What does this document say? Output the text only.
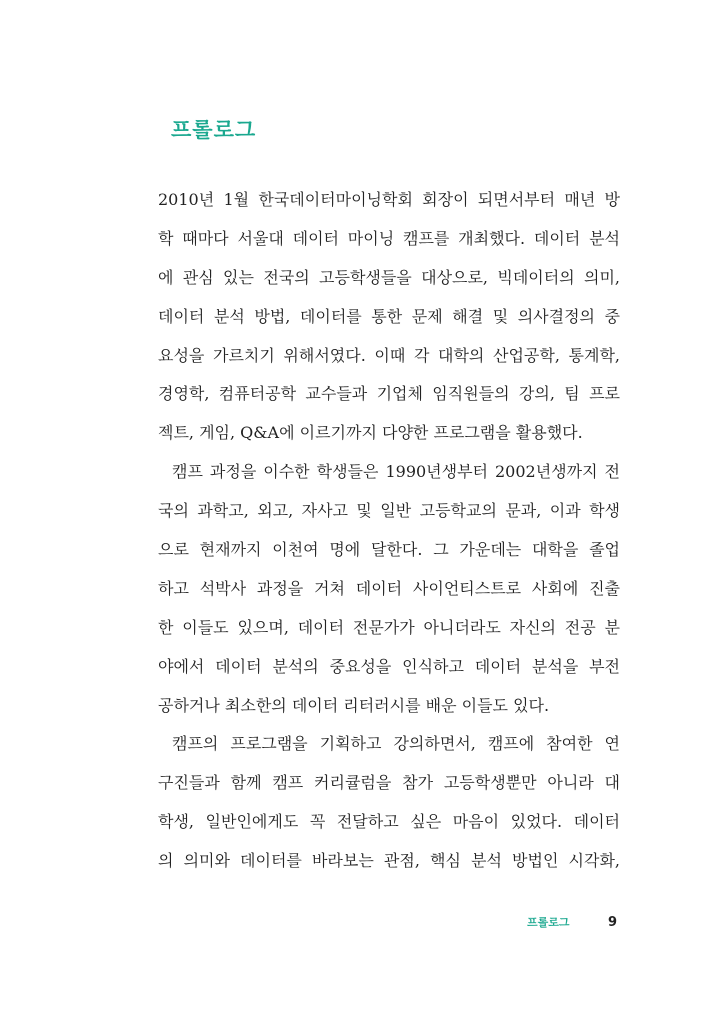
프롤로그
2010년 1월 한국데이터마이닝학회 회장이 되면서부터 매년 방
학 때마다 서울대 데이터 마이닝 캠프를 개최했다. 데이터 분석
에 관심 있는 전국의 고등학생들을 대상으로, 빅데이터의 의미,
데이터 분석 방법, 데이터를 통한 문제 해결 및 의사결정의 중
요성을 가르치기 위해서였다. 이때 각 대학의 산업공학, 통계학,
경영학, 컴퓨터공학 교수들과 기업체 임직원들의 강의, 팀 프로
젝트, 게임, Q&A에 이르기까지 다양한 프로그램을 활용했다.
캠프 과정을 이수한 학생들은 1990년생부터 2002년생까지 전
국의 과학고, 외고, 자사고 및 일반 고등학교의 문과, 이과 학생
으로 현재까지 이천여 명에 달한다. 그 가운데는 대학을 졸업
하고 석박사 과정을 거쳐 데이터 사이언티스트로 사회에 진출
한 이들도 있으며, 데이터 전문가가 아니더라도 자신의 전공 분
야에서 데이터 분석의 중요성을 인식하고 데이터 분석을 부전
공하거나 최소한의 데이터 리터러시를 배운 이들도 있다.
캠프의 프로그램을 기획하고 강의하면서, 캠프에 참여한 연
구진들과 함께 캠프 커리큘럼을 참가 고등학생뿐만 아니라 대
학생, 일반인에게도 꼭 전달하고 싶은 마음이 있었다. 데이터
의 의미와 데이터를 바라보는 관점, 핵심 분석 방법인 시각화,
프롤로그	9
